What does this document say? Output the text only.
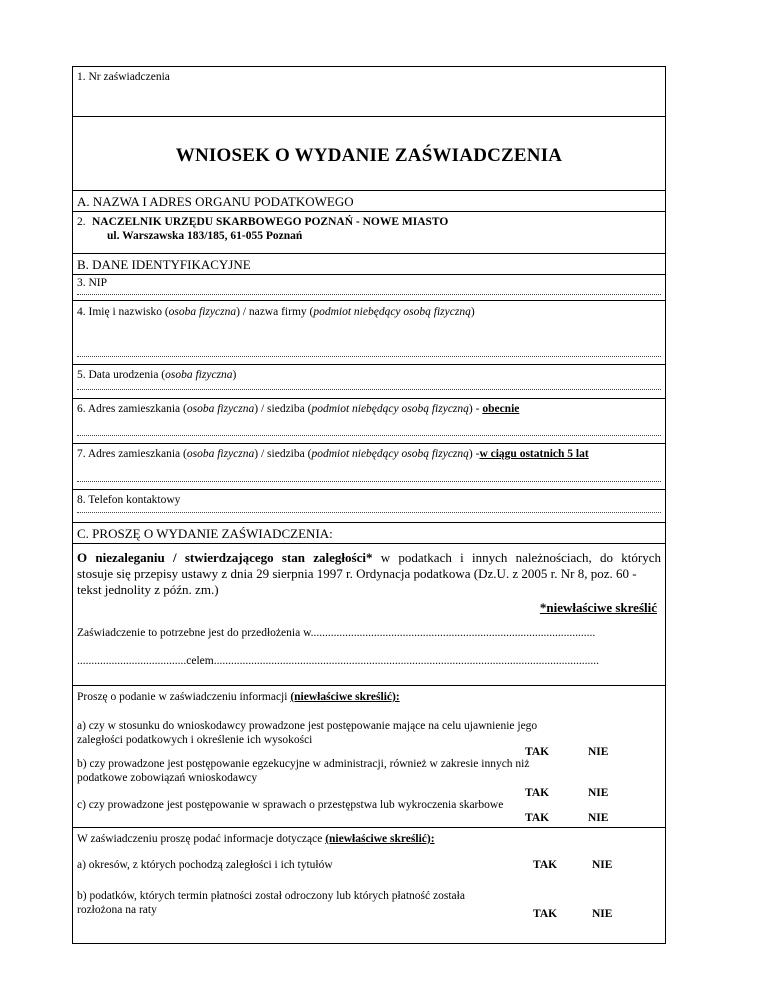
1. Nr zaświadczenia
WNIOSEK O WYDANIE ZAŚWIADCZENIA
A. NAZWA I ADRES ORGANU PODATKOWEGO
2. NACZELNIK URZĘDU SKARBOWEGO POZNAŃ - NOWE MIASTO
ul. Warszawska 183/185, 61-055 Poznań
B. DANE IDENTYFIKACYJNE
3. NIP
4. Imię i nazwisko (osoba fizyczna) / nazwa firmy (podmiot niebędący osobą fizyczną)
5. Data urodzenia (osoba fizyczna)
6. Adres zamieszkania (osoba fizyczna) / siedziba (podmiot niebędący osobą fizyczną) - obecnie
7. Adres zamieszkania (osoba fizyczna) / siedziba (podmiot niebędący osobą fizyczną) -w ciągu ostatnich 5 lat
8. Telefon kontaktowy
C. PROSZĘ O WYDANIE ZAŚWIADCZENIA:
O niezaleganiu / stwierdzającego stan zaległości* w podatkach i innych należnościach, do których
stosuje się przepisy ustawy z dnia 29 sierpnia 1997 r. Ordynacja podatkowa (Dz.U. z 2005 r. Nr 8, poz. 60 -
tekst jednolity z późn. zm.)
*niewłaściwe skreślić
Zaświadczenie to potrzebne jest do przedłożenia w...................................................................................................
......................................celem......................................................................................................................................
Proszę o podanie w zaświadczeniu informacji (niewłaściwe skreślić):
a) czy w stosunku do wnioskodawcy prowadzone jest postępowanie mające na celu ujawnienie jego
zaległości podatkowych i określenie ich wysokości
TAK	NIE
b) czy prowadzone jest postępowanie egzekucyjne w administracji, również w zakresie innych niż
podatkowe zobowiązań wnioskodawcy
TAK	NIE
c) czy prowadzone jest postępowanie w sprawach o przestępstwa lub wykroczenia skarbowe
TAK	NIE
W zaświadczeniu proszę podać informacje dotyczące (niewłaściwe skreślić):
a) okresów, z których pochodzą zaległości i ich tytułów	TAK	NIE
b) podatków, których termin płatności został odroczony lub których płatność została
rozłożona na raty	TAK	NIE
